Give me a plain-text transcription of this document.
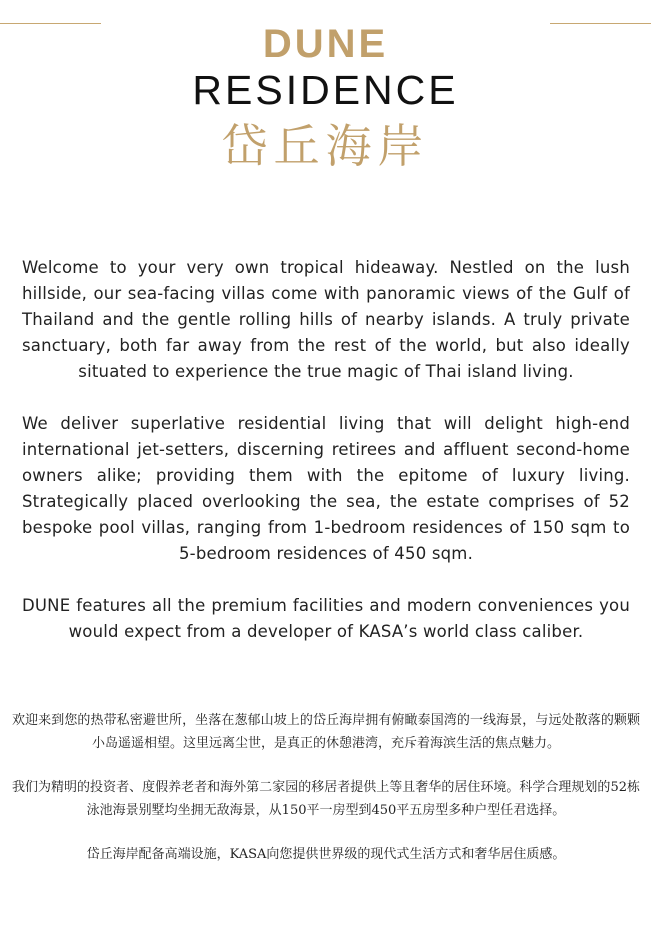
DUNE
RESIDENCE
岱丘海岸

Welcome to your very own tropical hideaway. Nestled on the lush hillside, our sea-facing villas come with panoramic views of the Gulf of Thailand and the gentle rolling hills of nearby islands. A truly private sanctuary, both far away from the rest of the world, but also ideally situated to experience the true magic of Thai island living.

We deliver superlative residential living that will delight high-end international jet-setters, discerning retirees and affluent second-home owners alike; providing them with the epitome of luxury living. Strategically placed overlooking the sea, the estate comprises of 52 bespoke pool villas, ranging from 1-bedroom residences of 150 sqm to 5-bedroom residences of 450 sqm.

DUNE features all the premium facilities and modern conveniences you would expect from a developer of KASA’s world class caliber.

欢迎来到您的热带私密避世所，坐落在葱郁山坡上的岱丘海岸拥有俯瞰泰国湾的一线海景，与远处散落的颗颗小岛遥遥相望。这里远离尘世，是真正的休憩港湾，充斥着海滨生活的焦点魅力。

我们为精明的投资者、度假养老者和海外第二家园的移居者提供上等且奢华的居住环境。科学合理规划的52栋泳池海景别墅均坐拥无敌海景，从150平一房型到450平五房型多种户型任君选择。

岱丘海岸配备高端设施，KASA向您提供世界级的现代式生活方式和奢华居住质感。
